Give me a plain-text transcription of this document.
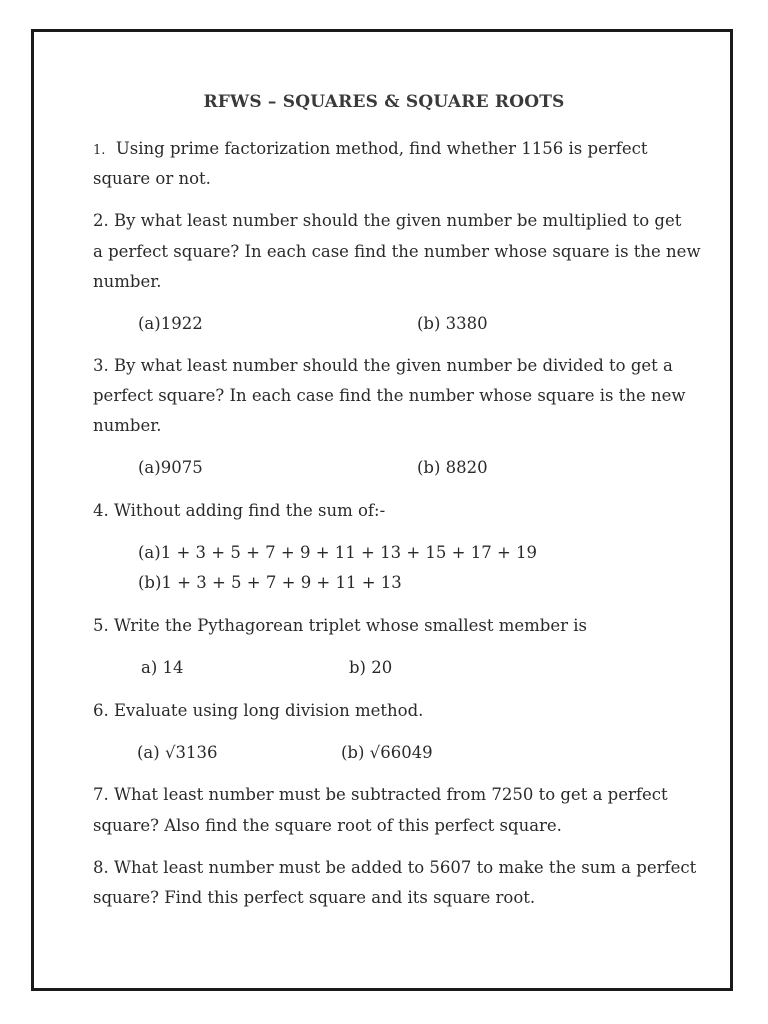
RFWS – SQUARES & SQUARE ROOTS
1. Using prime factorization method, find whether 1156 is perfect
square or not.
2. By what least number should the given number be multiplied to get
a perfect square? In each case find the number whose square is the new
number.
(a)1922	(b) 3380
3. By what least number should the given number be divided to get a
perfect square? In each case find the number whose square is the new
number.
(a)9075	(b) 8820
4. Without adding find the sum of:-
(a)1 + 3 + 5 + 7 + 9 + 11 + 13 + 15 + 17 + 19
(b)1 + 3 + 5 + 7 + 9 + 11 + 13
5. Write the Pythagorean triplet whose smallest member is
a) 14	b) 20
6. Evaluate using long division method.
(a) √3136	(b) √66049
7. What least number must be subtracted from 7250 to get a perfect
square? Also find the square root of this perfect square.
8. What least number must be added to 5607 to make the sum a perfect
square? Find this perfect square and its square root.
